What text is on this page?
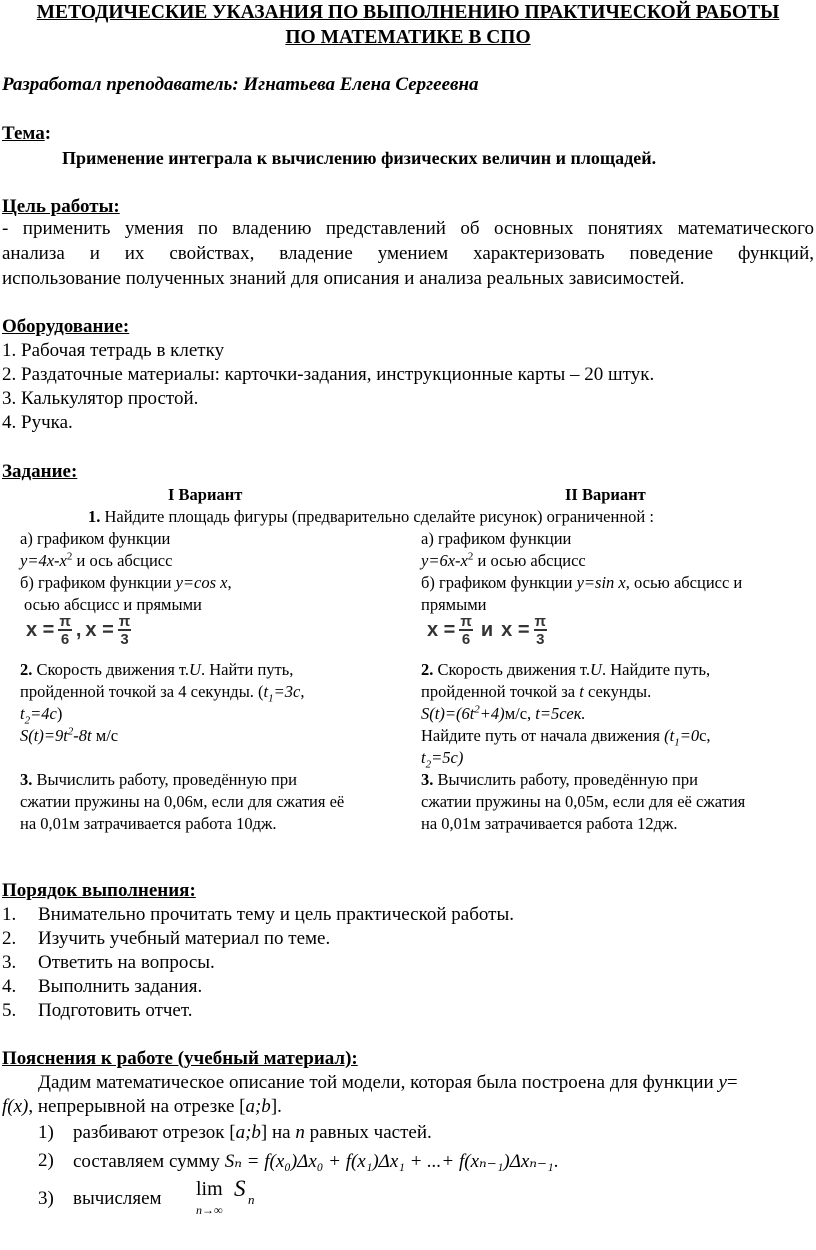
МЕТОДИЧЕСКИЕ УКАЗАНИЯ ПО ВЫПОЛНЕНИЮ ПРАКТИЧЕСКОЙ РАБОТЫ
ПО МАТЕМАТИКЕ В СПО
Разработал преподаватель: Игнатьева Елена Сергеевна
Тема:
Применение интеграла к вычислению физических величин и площадей.
Цель работы:
- применить умения по владению представлений об основных понятиях математического
анализа и их свойствах, владение умением характеризовать поведение функций,
использование полученных знаний для описания и анализа реальных зависимостей.
Оборудование:
1. Рабочая тетрадь в клетку
2. Раздаточные материалы: карточки-задания, инструкционные карты – 20 штук.
3. Калькулятор простой.
4. Ручка.
Задание:
I Вариант	II Вариант
1. Найдите площадь фигуры (предварительно сделайте рисунок) ограниченной :
а) графиком функции
$y=4x-x^2$ и ось абсцисс
б) графиком функции y=cos x,
осью абсцисс и прямыми
$x = \frac{\pi}{6}$ , $x = \frac{\pi}{3}$
2. Скорость движения т.U. Найти путь,
пройденной точкой за 4 секунды. ($t_1=3c$,
$t_2=4c$)
$S(t)=9t^2-8t$ м/с
3. Вычислить работу, проведённую при
сжатии пружины на 0,06м, если для сжатия её
на 0,01м затрачивается работа 10дж.
а) графиком функции
$y=6x-x^2$ и осью абсцисс
б) графиком функции y=sin x, осью абсцисс и
прямыми
$x = \frac{\pi}{6}$ и $x = \frac{\pi}{3}$
2. Скорость движения т.U. Найдите путь,
пройденной точкой за t секунды.
$S(t)=(6t^2+4)м/с$, t=5сек.
Найдите путь от начала движения ($t_1=0c$,
$t_2=5c$)
3. Вычислить работу, проведённую при
сжатии пружины на 0,05м, если для её сжатия
на 0,01м затрачивается работа 12дж.
Порядок выполнения:
1. Внимательно прочитать тему и цель практической работы.
2. Изучить учебный материал по теме.
3. Ответить на вопросы.
4. Выполнить задания.
5. Подготовить отчет.
Пояснения к работе (учебный материал):
Дадим математическое описание той модели, которая была построена для функции y=
f(x), непрерывной на отрезке [a;b].
1) разбивают отрезок [a;b] на n равных частей.
2) составляем сумму Sₙ = f(x₀)Δx₀ + f(x₁)Δx₁ + ...+ f(xₙ₋₁)Δxₙ₋₁.
3) вычисляем lim
n→∞
S n
